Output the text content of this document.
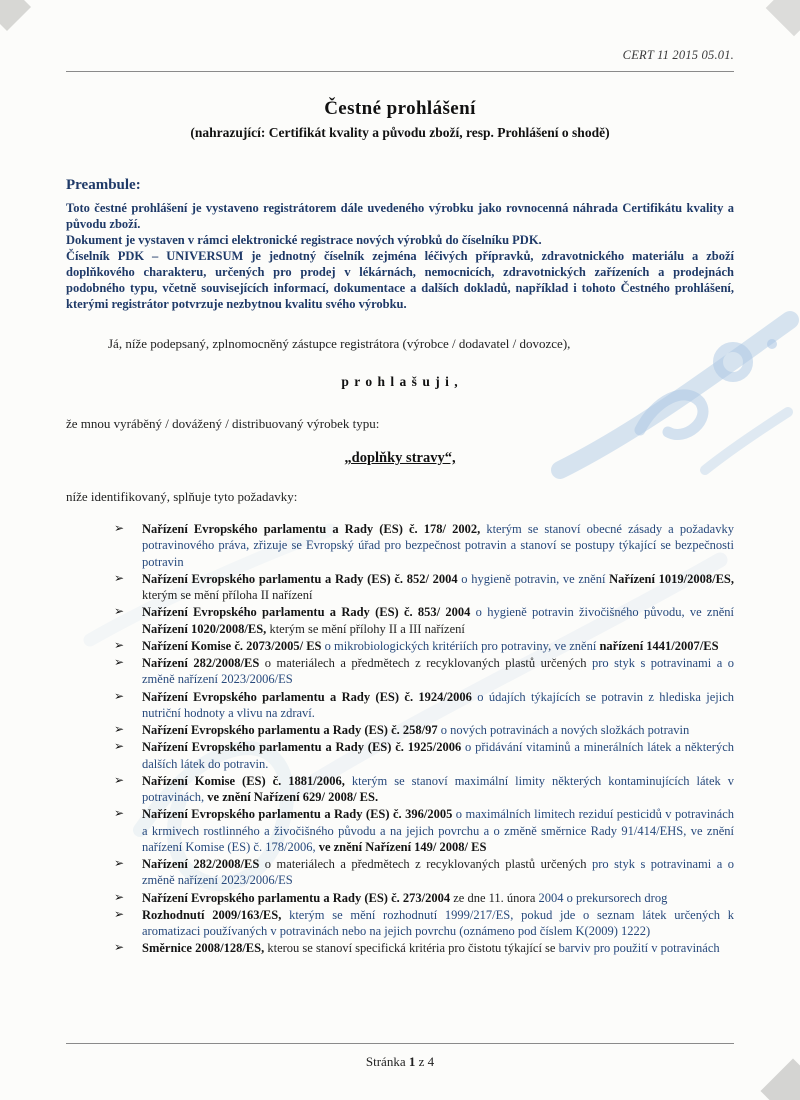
CERT 11 2015 05.01.
Čestné prohlášení
(nahrazující: Certifikát kvality a původu zboží, resp. Prohlášení o shodě)
Preambule:
Toto čestné prohlášení je vystaveno registrátorem dále uvedeného výrobku jako rovnocenná náhrada Certifikátu kvality a původu zboží.
Dokument je vystaven v rámci elektronické registrace nových výrobků do číselníku PDK.
Číselník PDK – UNIVERSUM je jednotný číselník zejména léčivých přípravků, zdravotnického materiálu a zboží doplňkového charakteru, určených pro prodej v lékárnách, nemocnicích, zdravotnických zařízeních a prodejnách podobného typu, včetně souvisejících informací, dokumentace a dalších dokladů, například i tohoto Čestného prohlášení, kterými registrátor potvrzuje nezbytnou kvalitu svého výrobku.
Já, níže podepsaný, zplnomocněný zástupce registrátora (výrobce / dodavatel / dovozce),
p r o h l a š u j i ,
že mnou vyráběný / dovážený / distribuovaný výrobek typu:
„doplňky stravy“,
níže identifikovaný, splňuje tyto požadavky:
➢ Nařízení Evropského parlamentu a Rady (ES) č. 178/ 2002, kterým se stanoví obecné zásady a požadavky potravinového práva, zřizuje se Evropský úřad pro bezpečnost potravin a stanoví se postupy týkající se bezpečnosti potravin
➢ Nařízení Evropského parlamentu a Rady (ES) č. 852/ 2004 o hygieně potravin, ve znění Nařízení 1019/2008/ES, kterým se mění příloha II nařízení
➢ Nařízení Evropského parlamentu a Rady (ES) č. 853/ 2004 o hygieně potravin živočišného původu, ve znění Nařízení 1020/2008/ES, kterým se mění přílohy II a III nařízení
➢ Nařízení Komise č. 2073/2005/ ES o mikrobiologických kritériích pro potraviny, ve znění nařízení 1441/2007/ES
➢ Nařízení 282/2008/ES o materiálech a předmětech z recyklovaných plastů určených pro styk s potravinami a o změně nařízení 2023/2006/ES
➢ Nařízení Evropského parlamentu a Rady (ES) č. 1924/2006 o údajích týkajících se potravin z hlediska jejich nutriční hodnoty a vlivu na zdraví.
➢ Nařízení Evropského parlamentu a Rady (ES) č. 258/97 o nových potravinách a nových složkách potravin
➢ Nařízení Evropského parlamentu a Rady (ES) č. 1925/2006 o přidávání vitaminů a minerálních látek a některých dalších látek do potravin.
➢ Nařízení Komise (ES) č. 1881/2006, kterým se stanoví maximální limity některých kontaminujících látek v potravinách, ve znění Nařízení 629/ 2008/ ES.
➢ Nařízení Evropského parlamentu a Rady (ES) č. 396/2005 o maximálních limitech reziduí pesticidů v potravinách a krmivech rostlinného a živočišného původu a na jejich povrchu a o změně směrnice Rady 91/414/EHS, ve znění nařízení Komise (ES) č. 178/2006, ve znění Nařízení 149/ 2008/ ES
➢ Nařízení 282/2008/ES o materiálech a předmětech z recyklovaných plastů určených pro styk s potravinami a o změně nařízení 2023/2006/ES
➢ Nařízení Evropského parlamentu a Rady (ES) č. 273/2004 ze dne 11. února 2004 o prekursorech drog
➢ Rozhodnutí 2009/163/ES, kterým se mění rozhodnutí 1999/217/ES, pokud jde o seznam látek určených k aromatizaci používaných v potravinách nebo na jejich povrchu (oznámeno pod číslem K(2009) 1222)
➢ Směrnice 2008/128/ES, kterou se stanoví specifická kritéria pro čistotu týkající se barviv pro použití v potravinách
Stránka 1 z 4
